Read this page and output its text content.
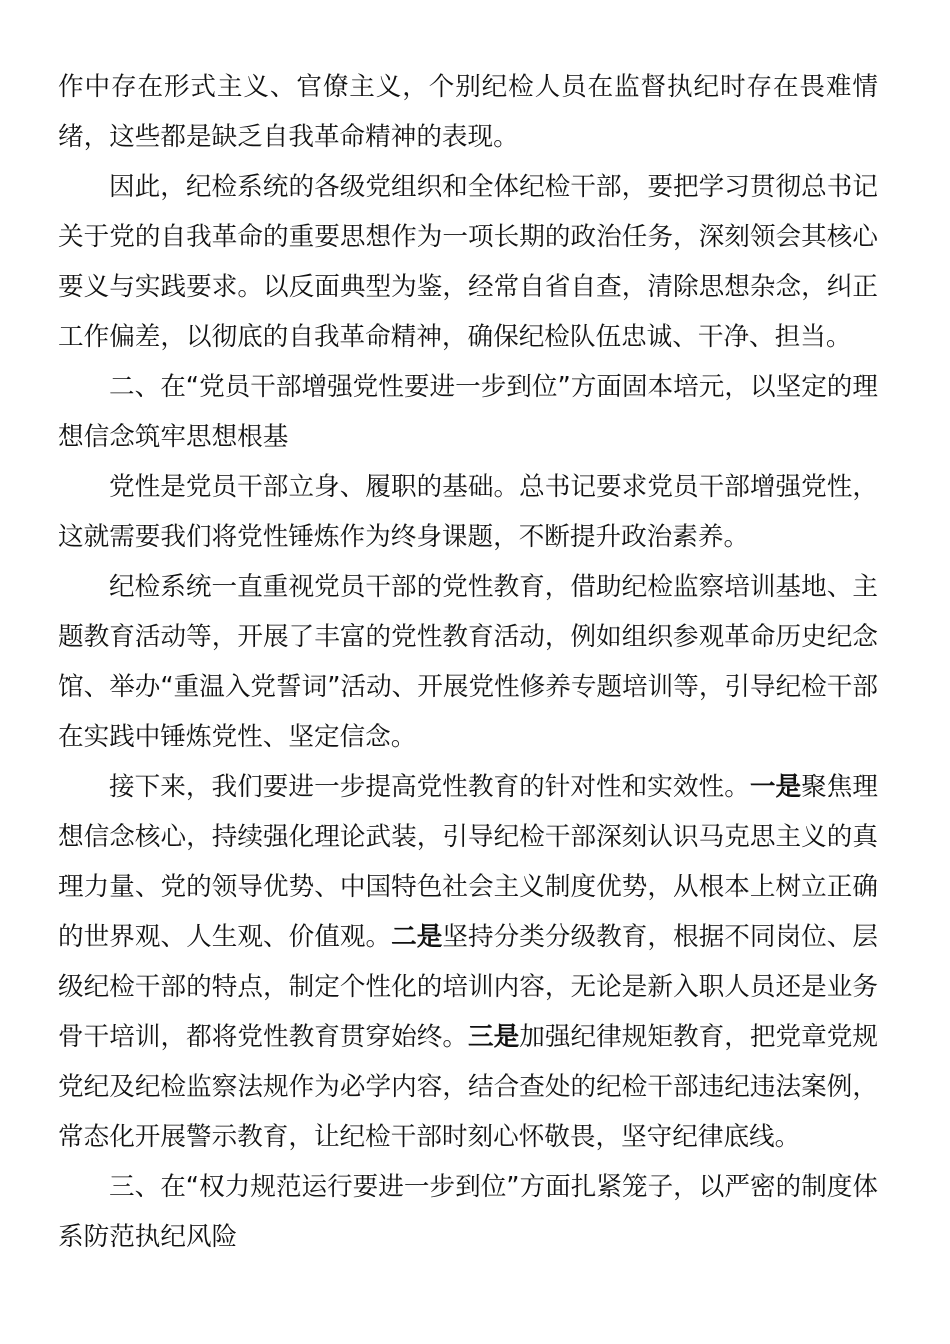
作中存在形式主义、官僚主义，个别纪检人员在监督执纪时存在畏难情绪，这些都是缺乏自我革命精神的表现。

因此，纪检系统的各级党组织和全体纪检干部，要把学习贯彻总书记关于党的自我革命的重要思想作为一项长期的政治任务，深刻领会其核心要义与实践要求。以反面典型为鉴，经常自省自查，清除思想杂念，纠正工作偏差，以彻底的自我革命精神，确保纪检队伍忠诚、干净、担当。

二、在“党员干部增强党性要进一步到位”方面固本培元，以坚定的理想信念筑牢思想根基

党性是党员干部立身、履职的基础。总书记要求党员干部增强党性，这就需要我们将党性锤炼作为终身课题，不断提升政治素养。

纪检系统一直重视党员干部的党性教育，借助纪检监察培训基地、主题教育活动等，开展了丰富的党性教育活动，例如组织参观革命历史纪念馆、举办“重温入党誓词”活动、开展党性修养专题培训等，引导纪检干部在实践中锤炼党性、坚定信念。

接下来，我们要进一步提高党性教育的针对性和实效性。一是聚焦理想信念核心，持续强化理论武装，引导纪检干部深刻认识马克思主义的真理力量、党的领导优势、中国特色社会主义制度优势，从根本上树立正确的世界观、人生观、价值观。二是坚持分类分级教育，根据不同岗位、层级纪检干部的特点，制定个性化的培训内容，无论是新入职人员还是业务骨干培训，都将党性教育贯穿始终。三是加强纪律规矩教育，把党章党规党纪及纪检监察法规作为必学内容，结合查处的纪检干部违纪违法案例，常态化开展警示教育，让纪检干部时刻心怀敬畏，坚守纪律底线。

三、在“权力规范运行要进一步到位”方面扎紧笼子，以严密的制度体系防范执纪风险
